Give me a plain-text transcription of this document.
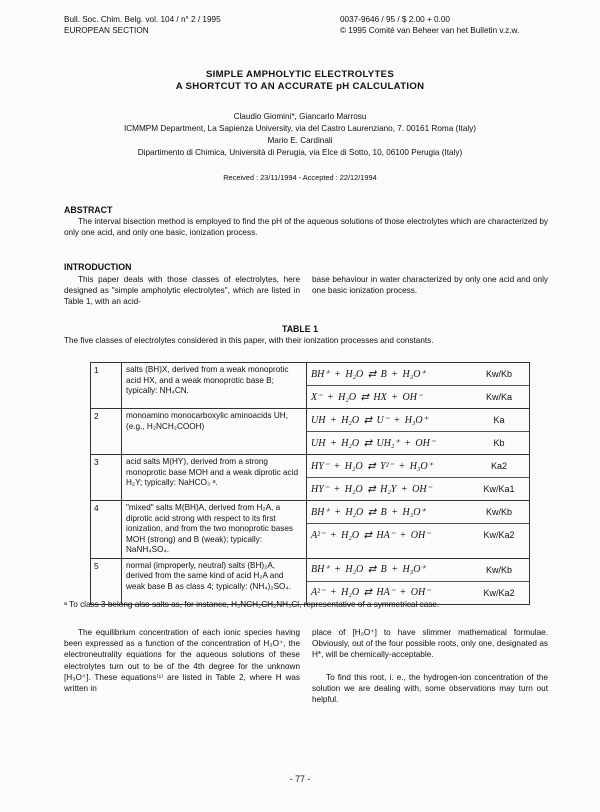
Bull. Soc. Chim. Belg. vol. 104 / n° 2 / 1995
EUROPEAN SECTION
0037-9646 / 95 / $ 2.00 + 0.00
© 1995 Comité van Beheer van het Bulletin v.z.w.
SIMPLE AMPHOLYTIC ELECTROLYTES
A SHORTCUT TO AN ACCURATE pH CALCULATION
Claudio Giomini*, Giancarlo Marrosu
ICMMPM Department, La Sapienza University, via del Castro Laurenziano, 7. 00161 Roma (Italy)
Mario E. Cardinali
Dipartimento di Chimica, Università di Perugia, via Elce di Sotto, 10, 06100 Perugia (Italy)
Received : 23/11/1994 - Accepted : 22/12/1994
ABSTRACT
The interval bisection method is employed to find the pH of the aqueous solutions of those electrolytes which are characterized by only one acid, and only one basic, ionization process.
INTRODUCTION
This paper deals with those classes of electrolytes, here designed as "simple ampholytic electrolytes", which are listed in Table 1, with an acid-
base behaviour in water characterized by only one acid and only one basic ionization process.
TABLE 1
The five classes of electrolytes considered in this paper, with their ionization processes and constants.
1	salts (BH)X, derived from a weak monoprotic acid HX, and a weak monoprotic base B; typically: NH₄CN.	BH⁺ + H₂O ⇄ B + H₃O⁺ Kw/Kb
X⁻ + H₂O ⇄ HX + OH⁻ Kw/Ka

2	monoamino monocarboxylic aminoacids UH, (e.g., H₂NCH₂COOH)	UH + H₂O ⇄ U⁻ + H₃O⁺ Ka
UH + H₂O ⇄ UH₂⁺ + OH⁻ Kb

3	acid salts M(HY), derived from a strong monoprotic base MOH and a weak diprotic acid H₂Y; typically: NaHCO₃ ᵃ.	HY⁻ + H₂O ⇄ Y²⁻ + H₃O⁺ Ka2
HY⁻ + H₂O ⇄ H₂Y + OH⁻ Kw/Ka1

4	"mixed" salts M(BH)A, derived from H₂A, a diprotic acid strong with respect to its first ionization, and from the two monoprotic bases MOH (strong) and B (weak); typically: NaNH₄SO₄.	BH⁺ + H₂O ⇄ B + H₃O⁺ Kw/Kb
A²⁻ + H₂O ⇄ HA⁻ + OH⁻ Kw/Ka2

5	normal (improperly, neutral) salts (BH)₂A, derived from the same kind of acid H₂A and weak base B as class 4; typically: (NH₄)₂SO₄.	BH⁺ + H₂O ⇄ B + H₃O⁺ Kw/Kb
A²⁻ + H₂O ⇄ HA⁻ + OH⁻ Kw/Ka2
ᵃ To class 3 belong also salts as, for instance, H₂NCH₂CH₂NH₃Cl, representative of a symmetrical case.
The equilibrium concentration of each ionic species having been expressed as a function of the concentration of H₃O⁺, the electroneutrality equations for the aqueous solutions of these electrolytes turn out to be of the 4th degree for the unknown [H₃O⁺]. These equations⁽¹⁾ are listed in Table 2, where H was written in
place of [H₃O⁺] to have slimmer mathematical formulae. Obviously, out of the four possible roots, only one, designated as H*, will be chemically-acceptable.
To find this root, i. e., the hydrogen-ion concentration of the solution we are dealing with, some observations may turn out helpful.
- 77 -
